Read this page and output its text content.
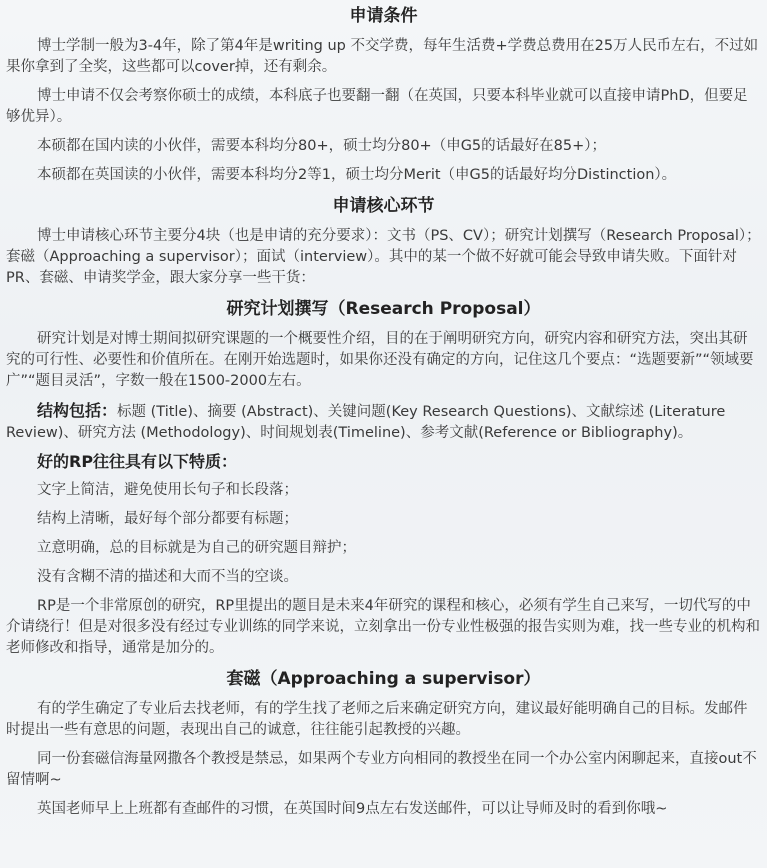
申请条件

博士学制一般为3-4年，除了第4年是writing up 不交学费，每年生活费+学费总费用在25万人民币左右，不过如果你拿到了全奖，这些都可以cover掉，还有剩余。

博士申请不仅会考察你硕士的成绩，本科底子也要翻一翻（在英国，只要本科毕业就可以直接申请PhD，但要足够优异）。

本硕都在国内读的小伙伴，需要本科均分80+，硕士均分80+（申G5的话最好在85+）；

本硕都在英国读的小伙伴，需要本科均分2等1，硕士均分Merit（申G5的话最好均分Distinction）。

申请核心环节

博士申请核心环节主要分4块（也是申请的充分要求）：文书（PS、CV）；研究计划撰写（Research Proposal）；套磁（Approaching a supervisor）；面试（interview）。其中的某一个做不好就可能会导致申请失败。下面针对PR、套磁、申请奖学金，跟大家分享一些干货：

研究计划撰写（Research Proposal）

研究计划是对博士期间拟研究课题的一个概要性介绍，目的在于阐明研究方向，研究内容和研究方法，突出其研究的可行性、必要性和价值所在。在刚开始选题时，如果你还没有确定的方向，记住这几个要点：“选题要新”“领域要广”“题目灵活”，字数一般在1500-2000左右。

结构包括：标题 (Title)、摘要 (Abstract)、关键问题(Key Research Questions)、文献综述 (Literature Review)、研究方法 (Methodology)、时间规划表(Timeline)、参考文献(Reference or Bibliography)。

好的RP往往具有以下特质：

文字上简洁，避免使用长句子和长段落；

结构上清晰，最好每个部分都要有标题；

立意明确，总的目标就是为自己的研究题目辩护；

没有含糊不清的描述和大而不当的空谈。

RP是一个非常原创的研究，RP里提出的题目是未来4年研究的课程和核心，必须有学生自己来写，一切代写的中介请绕行！但是对很多没有经过专业训练的同学来说，立刻拿出一份专业性极强的报告实则为难，找一些专业的机构和老师修改和指导，通常是加分的。

套磁（Approaching a supervisor）

有的学生确定了专业后去找老师，有的学生找了老师之后来确定研究方向，建议最好能明确自己的目标。发邮件时提出一些有意思的问题，表现出自己的诚意，往往能引起教授的兴趣。

同一份套磁信海量网撒各个教授是禁忌，如果两个专业方向相同的教授坐在同一个办公室内闲聊起来，直接out不留情啊~

英国老师早上上班都有查邮件的习惯，在英国时间9点左右发送邮件，可以让导师及时的看到你哦~
